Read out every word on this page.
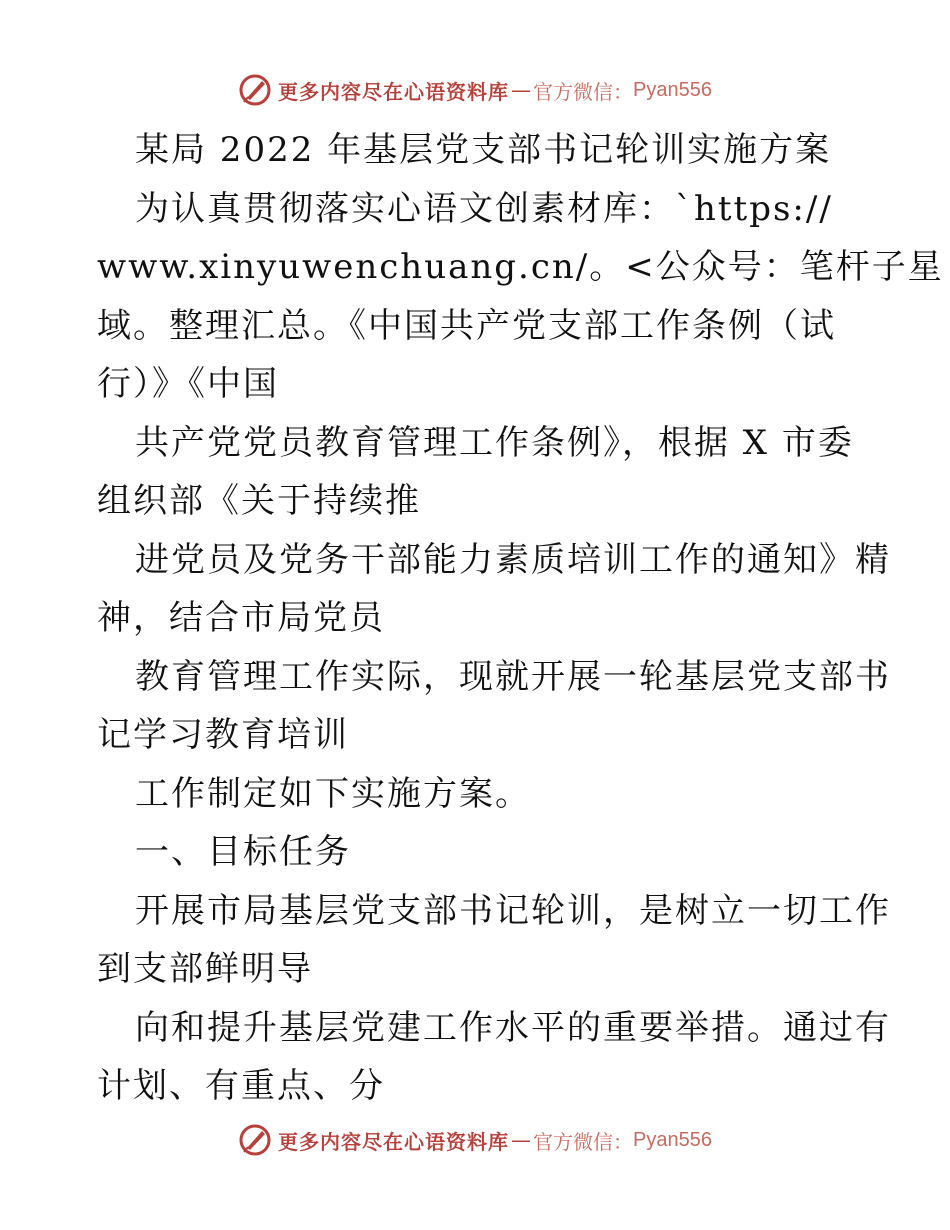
更多内容尽在心语资料库 — 官方微信： Pyan556
某局 2022 年基层党支部书记轮训实施方案
为认真贯彻落实心语文创素材库：`https://
www.xinyuwenchuang.cn/。<公众号：笔杆子星
域。整理汇总。《中国共产党支部工作条例（试
行）》《中国
共产党党员教育管理工作条例》，根据 X 市委
组织部《关于持续推
进党员及党务干部能力素质培训工作的通知》精
神，结合市局党员
教育管理工作实际，现就开展一轮基层党支部书
记学习教育培训
工作制定如下实施方案。
一、目标任务
开展市局基层党支部书记轮训，是树立一切工作
到支部鲜明导
向和提升基层党建工作水平的重要举措。通过有
计划、有重点、分
更多内容尽在心语资料库 — 官方微信： Pyan556
